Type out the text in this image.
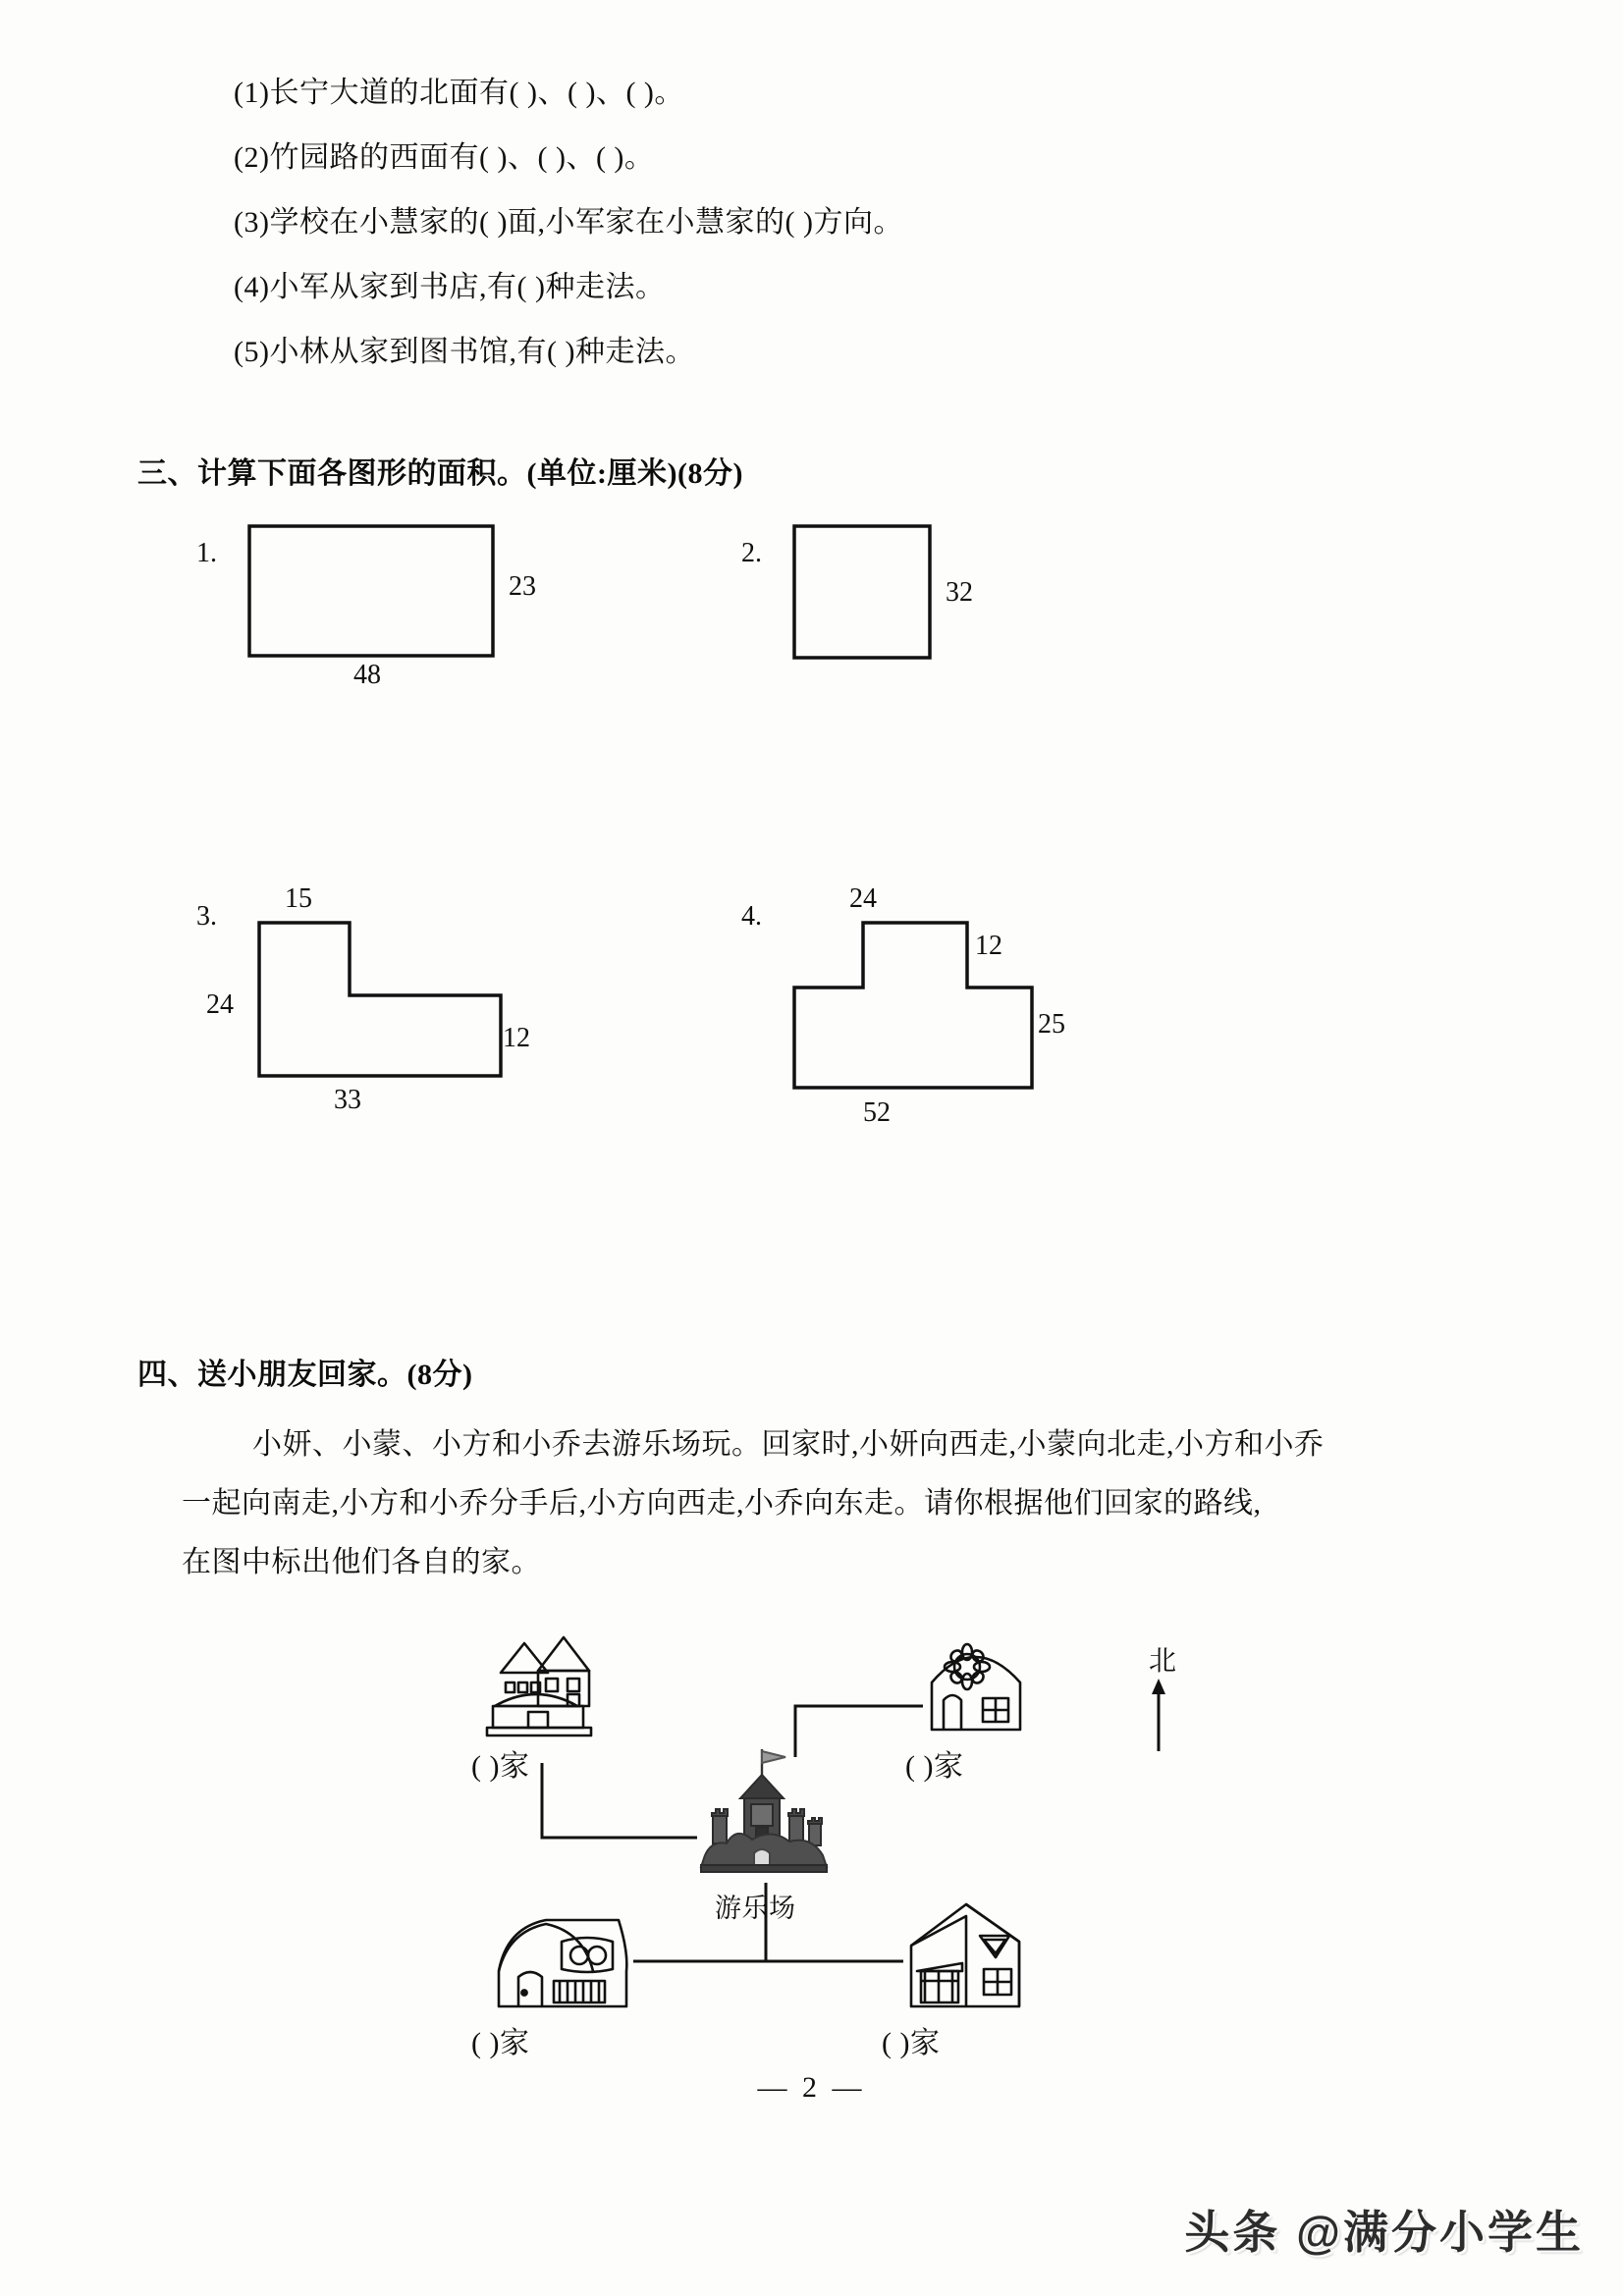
(1)长宁大道的北面有( )、( )、( )。
(2)竹园路的西面有( )、( )、( )。
(3)学校在小慧家的( )面,小军家在小慧家的( )方向。
(4)小军从家到书店,有( )种走法。
(5)小林从家到图书馆,有( )种走法。
三、计算下面各图形的面积。(单位:厘米)(8分)
1.
23
48
2.
32
3.
15
24
12
33
4.
24
12
25
52
四、送小朋友回家。(8分)
小妍、小蒙、小方和小乔去游乐场玩。回家时,小妍向西走,小蒙向北走,小方和小乔
一起向南走,小方和小乔分手后,小方向西走,小乔向东走。请你根据他们回家的路线,
在图中标出他们各自的家。
( )家	( )家
游乐场
( )家	( )家
北
— 2 —
头条 @满分小学生
